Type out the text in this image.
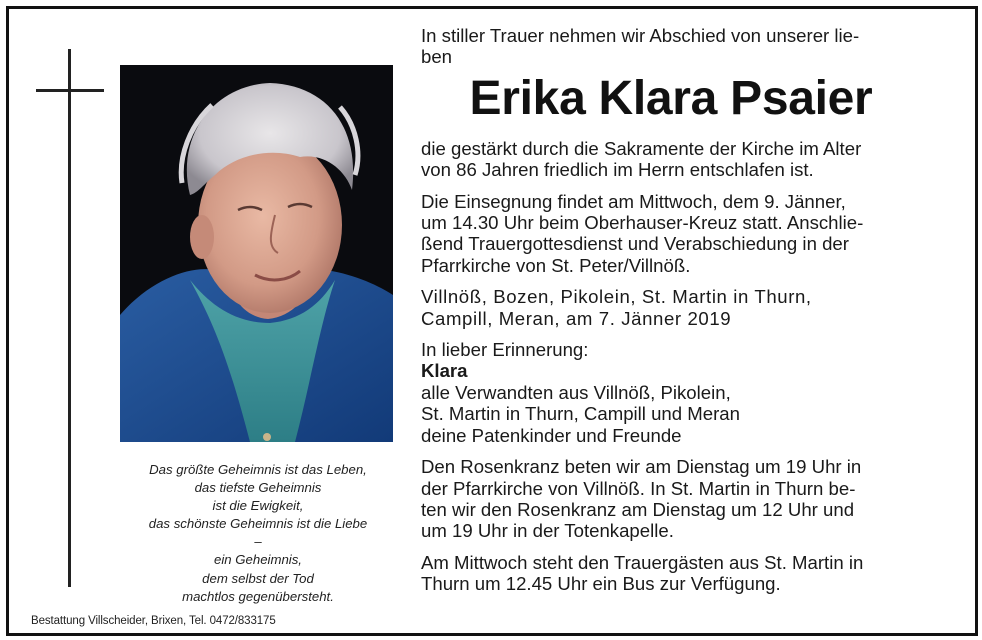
Das größte Geheimnis ist das Leben,
das tiefste Geheimnis
ist die Ewigkeit,
das schönste Geheimnis ist die Liebe
–
ein Geheimnis,
dem selbst der Tod
machtlos gegenübersteht.
Bestattung Villscheider, Brixen, Tel. 0472/833175

In stiller Trauer nehmen wir Abschied von unserer lie-
ben

Erika Klara Psaier

die gestärkt durch die Sakramente der Kirche im Alter
von 86 Jahren friedlich im Herrn entschlafen ist.

Die Einsegnung findet am Mittwoch, dem 9. Jänner,
um 14.30 Uhr beim Oberhauser-Kreuz statt. Anschlie-
ßend Trauergottesdienst und Verabschiedung in der
Pfarrkirche von St. Peter/Villnöß.

Villnöß, Bozen, Pikolein, St. Martin in Thurn,
Campill, Meran, am 7. Jänner 2019

In lieber Erinnerung:
Klara
alle Verwandten aus Villnöß, Pikolein,
St. Martin in Thurn, Campill und Meran
deine Patenkinder und Freunde

Den Rosenkranz beten wir am Dienstag um 19 Uhr in
der Pfarrkirche von Villnöß. In St. Martin in Thurn be-
ten wir den Rosenkranz am Dienstag um 12 Uhr und
um 19 Uhr in der Totenkapelle.

Am Mittwoch steht den Trauergästen aus St. Martin in
Thurn um 12.45 Uhr ein Bus zur Verfügung.
